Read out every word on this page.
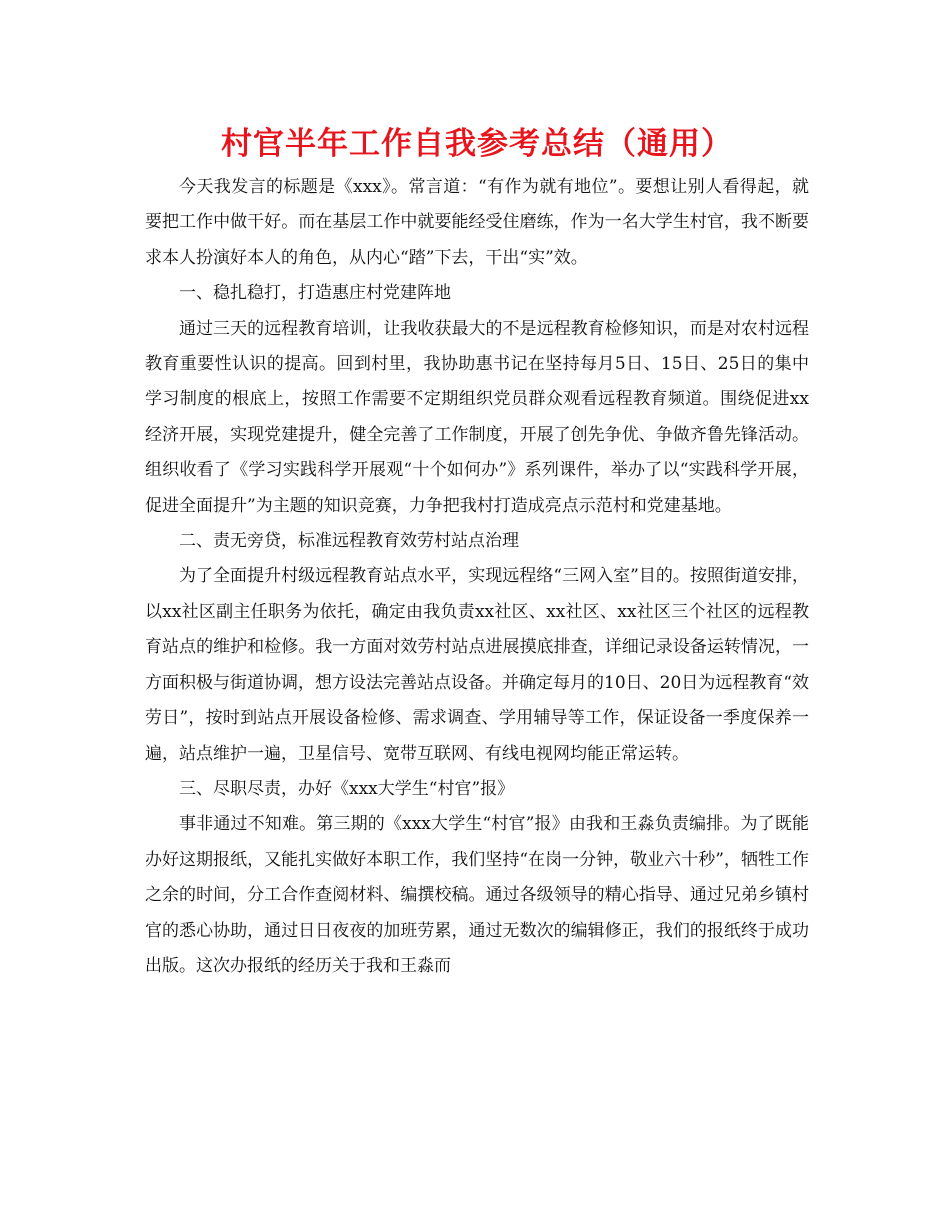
村官半年工作自我参考总结（通用）

今天我发言的标题是《xxx》。常言道：“有作为就有地位”。要想让别人看得起，就要把工作中做干好。而在基层工作中就要能经受住磨练，作为一名大学生村官，我不断要求本人扮演好本人的角色，从内心“踏”下去，干出“实”效。

一、稳扎稳打，打造惠庄村党建阵地

通过三天的远程教育培训，让我收获最大的不是远程教育检修知识，而是对农村远程教育重要性认识的提高。回到村里，我协助惠书记在坚持每月5日、15日、25日的集中学习制度的根底上，按照工作需要不定期组织党员群众观看远程教育频道。围绕促进xx经济开展，实现党建提升，健全完善了工作制度，开展了创先争优、争做齐鲁先锋活动。组织收看了《学习实践科学开展观“十个如何办”》系列课件，举办了以“实践科学开展，促进全面提升”为主题的知识竞赛，力争把我村打造成亮点示范村和党建基地。

二、责无旁贷，标准远程教育效劳村站点治理

为了全面提升村级远程教育站点水平，实现远程络“三网入室”目的。按照街道安排，以xx社区副主任职务为依托，确定由我负责xx社区、xx社区、xx社区三个社区的远程教育站点的维护和检修。我一方面对效劳村站点进展摸底排查，详细记录设备运转情况，一方面积极与街道协调，想方设法完善站点设备。并确定每月的10日、20日为远程教育“效劳日”，按时到站点开展设备检修、需求调查、学用辅导等工作，保证设备一季度保养一遍，站点维护一遍，卫星信号、宽带互联网、有线电视网均能正常运转。

三、尽职尽责，办好《xxx大学生“村官”报》

事非通过不知难。第三期的《xxx大学生“村官”报》由我和王淼负责编排。为了既能办好这期报纸，又能扎实做好本职工作，我们坚持“在岗一分钟，敬业六十秒”，牺牲工作之余的时间，分工合作查阅材料、编撰校稿。通过各级领导的精心指导、通过兄弟乡镇村官的悉心协助，通过日日夜夜的加班劳累，通过无数次的编辑修正，我们的报纸终于成功出版。这次办报纸的经历关于我和王淼而
